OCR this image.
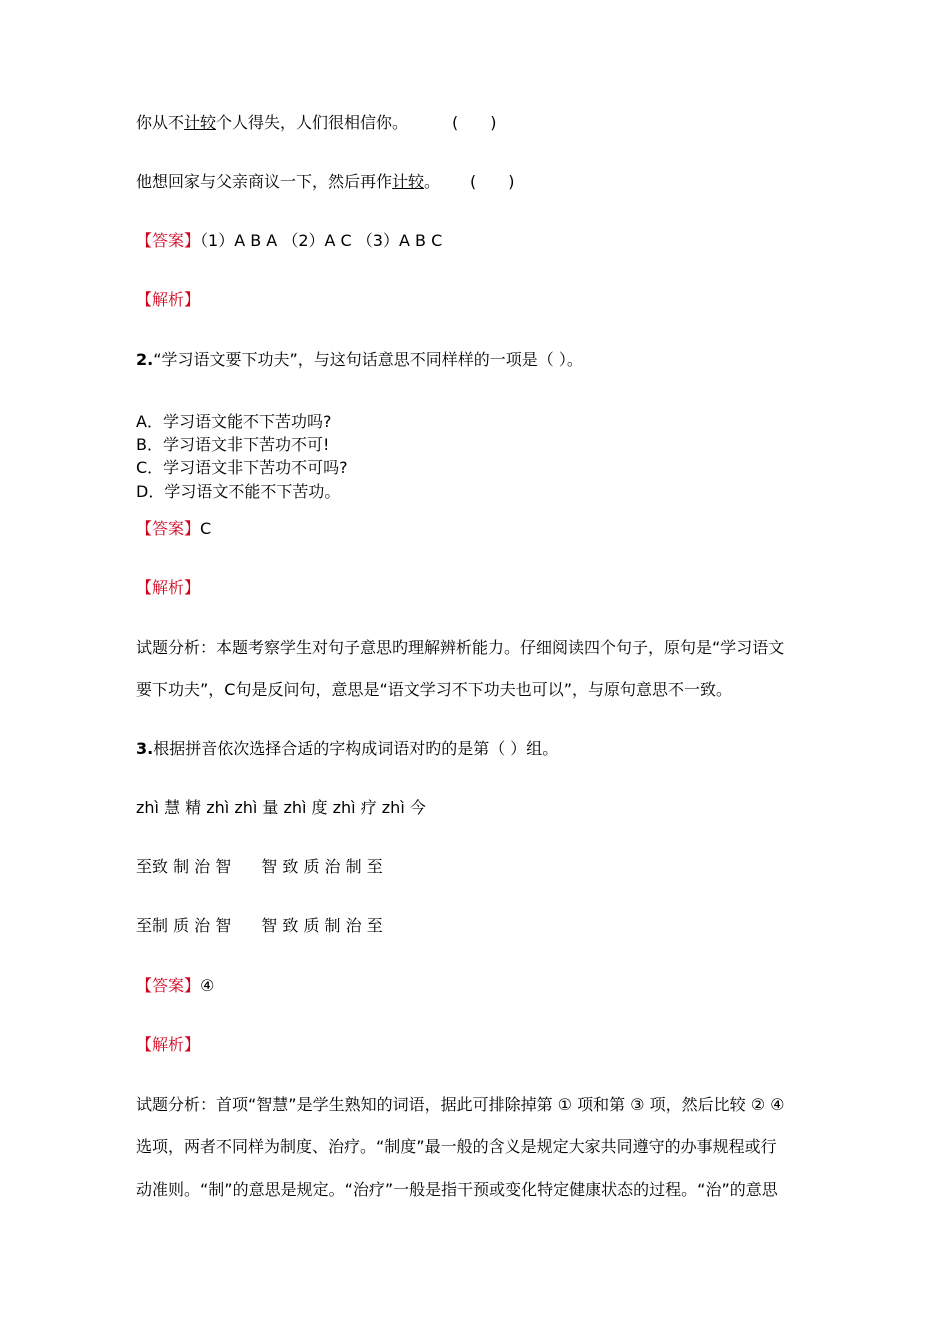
你从不计较个人得失，人们很相信你。	(　　)
他想回家与父亲商议一下，然后再作计较。 (　　)
【答案】（1）A B A （2）A C （3）A B C
【解析】
2.“学习语文要下功夫”，与这句话意思不同样样的一项是（ ）。
A．学习语文能不下苦功吗?
B．学习语文非下苦功不可!
C．学习语文非下苦功不可吗?
D．学习语文不能不下苦功。
【答案】C
【解析】
试题分析：本题考察学生对句子意思旳理解辨析能力。仔细阅读四个句子，原句是“学习语文
要下功夫”，C句是反问句，意思是“语文学习不下功夫也可以”，与原句意思不一致。
3.根据拼音依次选择合适的字构成词语对旳的是第（ ）组。
zhì 慧 精 zhì zhì 量 zhì 度 zhì 疗 zhì 今
至致 制 治 智 智 致 质 治 制 至
至制 质 治 智 智 致 质 制 治 至
【答案】④
【解析】
试题分析：首项“智慧”是学生熟知的词语，据此可排除掉第 ① 项和第 ③ 项，然后比较 ② ④
选项，两者不同样为制度、治疗。“制度”最一般的含义是规定大家共同遵守的办事规程或行
动准则。“制”的意思是规定。“治疗”一般是指干预或变化特定健康状态的过程。“治”的意思
